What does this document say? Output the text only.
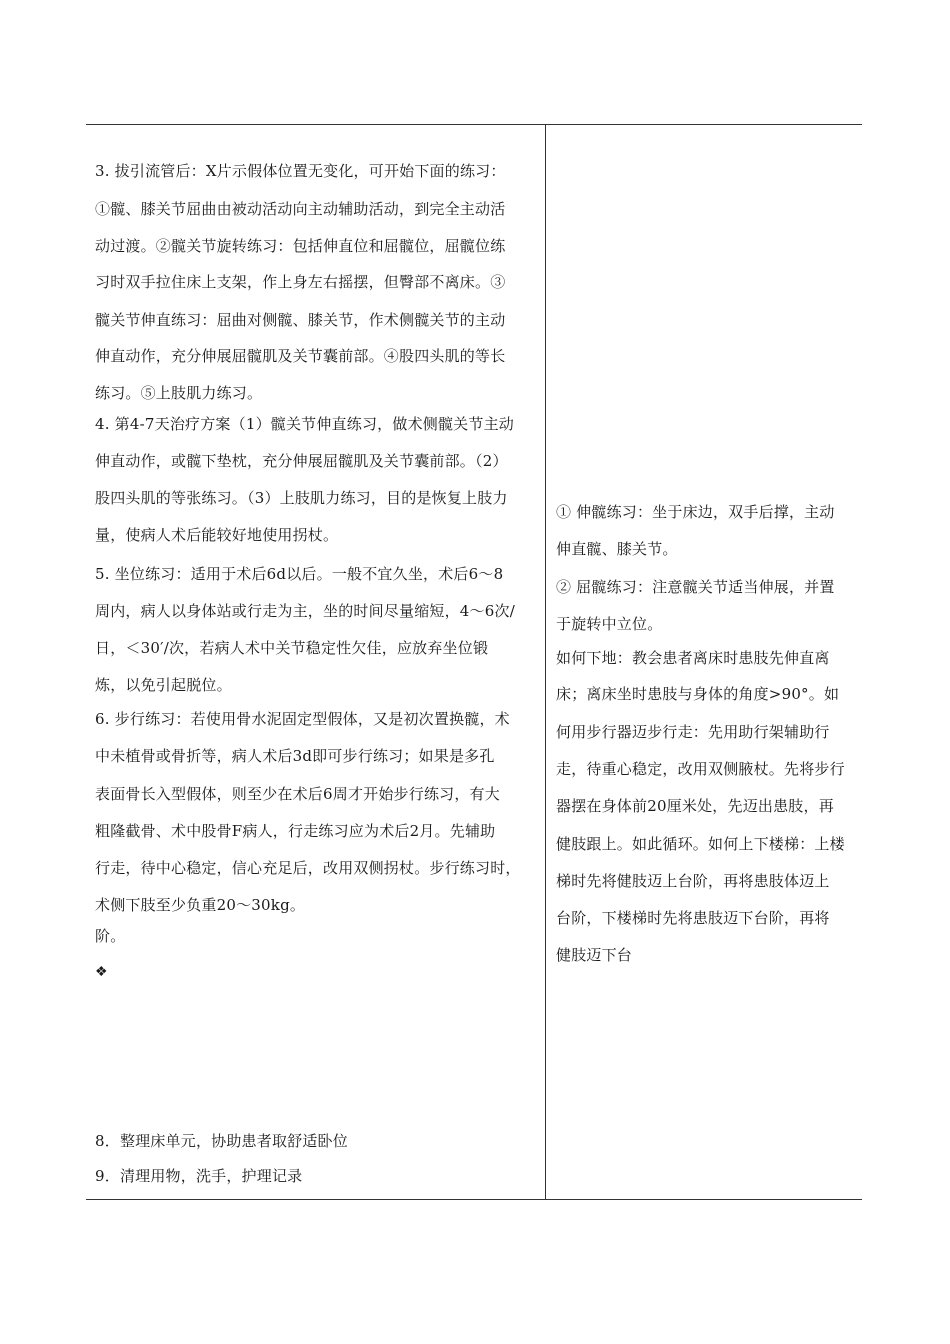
3. 拔引流管后：X片示假体位置无变化，可开始下面的练习：
①髋、膝关节屈曲由被动活动向主动辅助活动，到完全主动活
动过渡。②髋关节旋转练习：包括伸直位和屈髋位，屈髋位练
习时双手拉住床上支架，作上身左右摇摆，但臀部不离床。③
髋关节伸直练习：屈曲对侧髋、膝关节，作术侧髋关节的主动
伸直动作，充分伸展屈髋肌及关节囊前部。④股四头肌的等长
练习。⑤上肢肌力练习。
4. 第4-7天治疗方案（1）髋关节伸直练习，做术侧髋关节主动
伸直动作，或髋下垫枕，充分伸展屈髋肌及关节囊前部。（2）
股四头肌的等张练习。（3）上肢肌力练习，目的是恢复上肢力
量，使病人术后能较好地使用拐杖。
5. 坐位练习：适用于术后6d以后。一般不宜久坐，术后6～8
周内，病人以身体站或行走为主，坐的时间尽量缩短，4～6次/
日，＜30′/次，若病人术中关节稳定性欠佳，应放弃坐位锻
炼，以免引起脱位。
6. 步行练习：若使用骨水泥固定型假体，又是初次置换髋，术
中未植骨或骨折等，病人术后3d即可步行练习；如果是多孔
表面骨长入型假体，则至少在术后6周才开始步行练习，有大
粗隆截骨、术中股骨F病人，行走练习应为术后2月。先辅助
行走，待中心稳定，信心充足后，改用双侧拐杖。步行练习时，
术侧下肢至少负重20～30kg。
阶。
❖
8．整理床单元，协助患者取舒适卧位
9．清理用物，洗手，护理记录
① 伸髋练习：坐于床边，双手后撑，主动
伸直髋、膝关节。
② 屈髋练习：注意髋关节适当伸展，并置
于旋转中立位。
如何下地：教会患者离床时患肢先伸直离
床；离床坐时患肢与身体的角度>90°。如
何用步行器迈步行走：先用助行架辅助行
走，待重心稳定，改用双侧腋杖。先将步行
器摆在身体前20厘米处，先迈出患肢，再
健肢跟上。如此循环。如何上下楼梯：上楼
梯时先将健肢迈上台阶，再将患肢体迈上
台阶，下楼梯时先将患肢迈下台阶，再将
健肢迈下台
